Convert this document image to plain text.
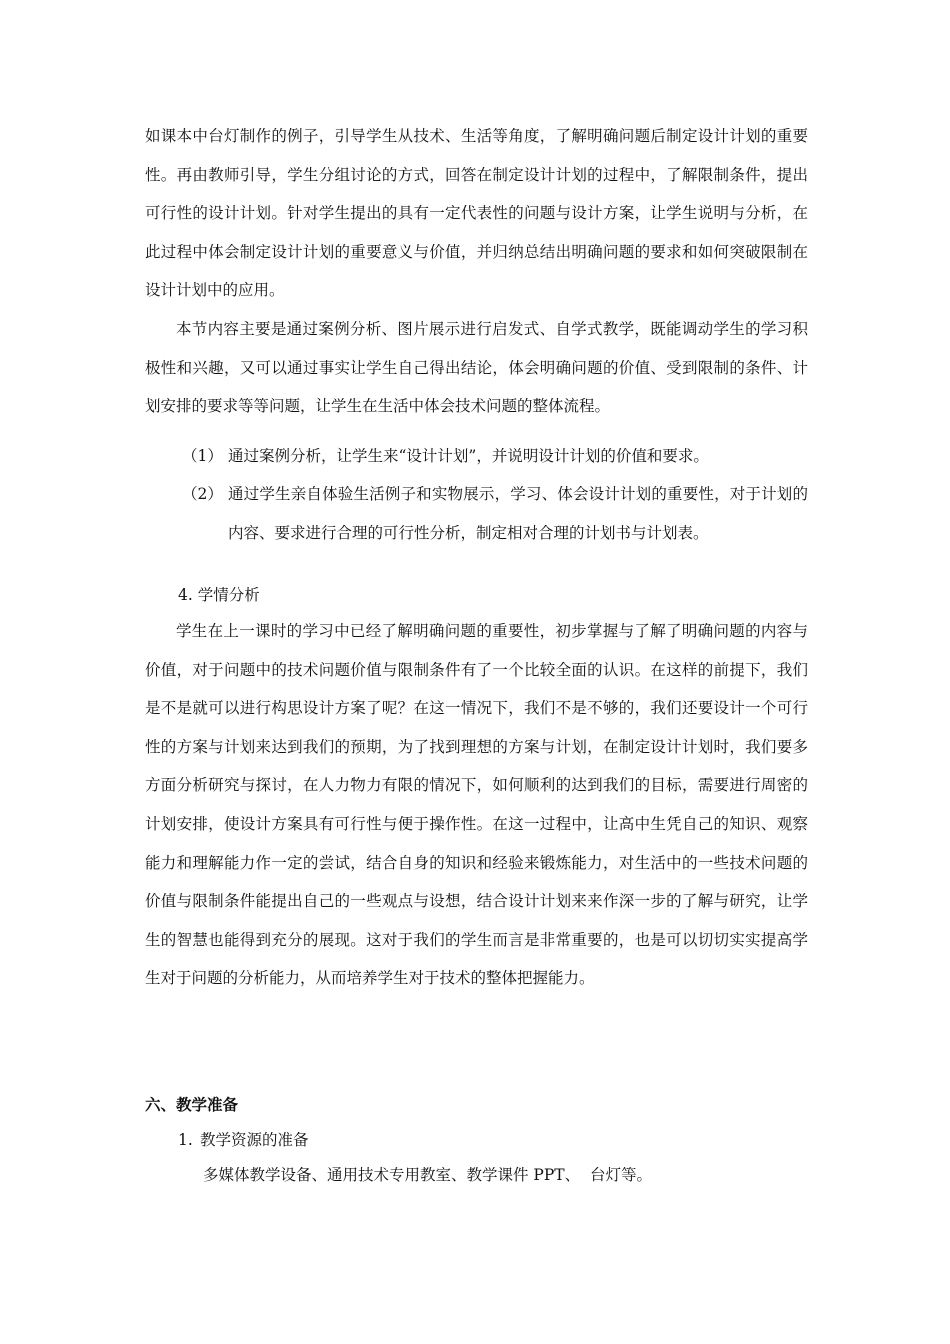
如课本中台灯制作的例子，引导学生从技术、生活等角度，了解明确问题后制定设计计划的重要性。再由教师引导，学生分组讨论的方式，回答在制定设计计划的过程中，了解限制条件，提出可行性的设计计划。针对学生提出的具有一定代表性的问题与设计方案，让学生说明与分析，在此过程中体会制定设计计划的重要意义与价值，并归纳总结出明确问题的要求和如何突破限制在设计计划中的应用。

本节内容主要是通过案例分析、图片展示进行启发式、自学式教学，既能调动学生的学习积极性和兴趣，又可以通过事实让学生自己得出结论，体会明确问题的价值、受到限制的条件、计划安排的要求等等问题，让学生在生活中体会技术问题的整体流程。

（1） 通过案例分析，让学生来“设计计划”，并说明设计计划的价值和要求。
（2） 通过学生亲自体验生活例子和实物展示，学习、体会设计计划的重要性，对于计划的内容、要求进行合理的可行性分析，制定相对合理的计划书与计划表。
4. 学情分析

学生在上一课时的学习中已经了解明确问题的重要性，初步掌握与了解了明确问题的内容与价值，对于问题中的技术问题价值与限制条件有了一个比较全面的认识。在这样的前提下，我们是不是就可以进行构思设计方案了呢？在这一情况下，我们不是不够的，我们还要设计一个可行性的方案与计划来达到我们的预期，为了找到理想的方案与计划，在制定设计计划时，我们要多方面分析研究与探讨，在人力物力有限的情况下，如何顺利的达到我们的目标，需要进行周密的计划安排，使设计方案具有可行性与便于操作性。在这一过程中，让高中生凭自己的知识、观察能力和理解能力作一定的尝试，结合自身的知识和经验来锻炼能力，对生活中的一些技术问题的价值与限制条件能提出自己的一些观点与设想，结合设计计划来来作深一步的了解与研究，让学生的智慧也能得到充分的展现。这对于我们的学生而言是非常重要的，也是可以切切实实提高学生对于问题的分析能力，从而培养学生对于技术的整体把握能力。

六、教学准备
1. 教学资源的准备
多媒体教学设备、通用技术专用教室、教学课件 PPT、  台灯等。
